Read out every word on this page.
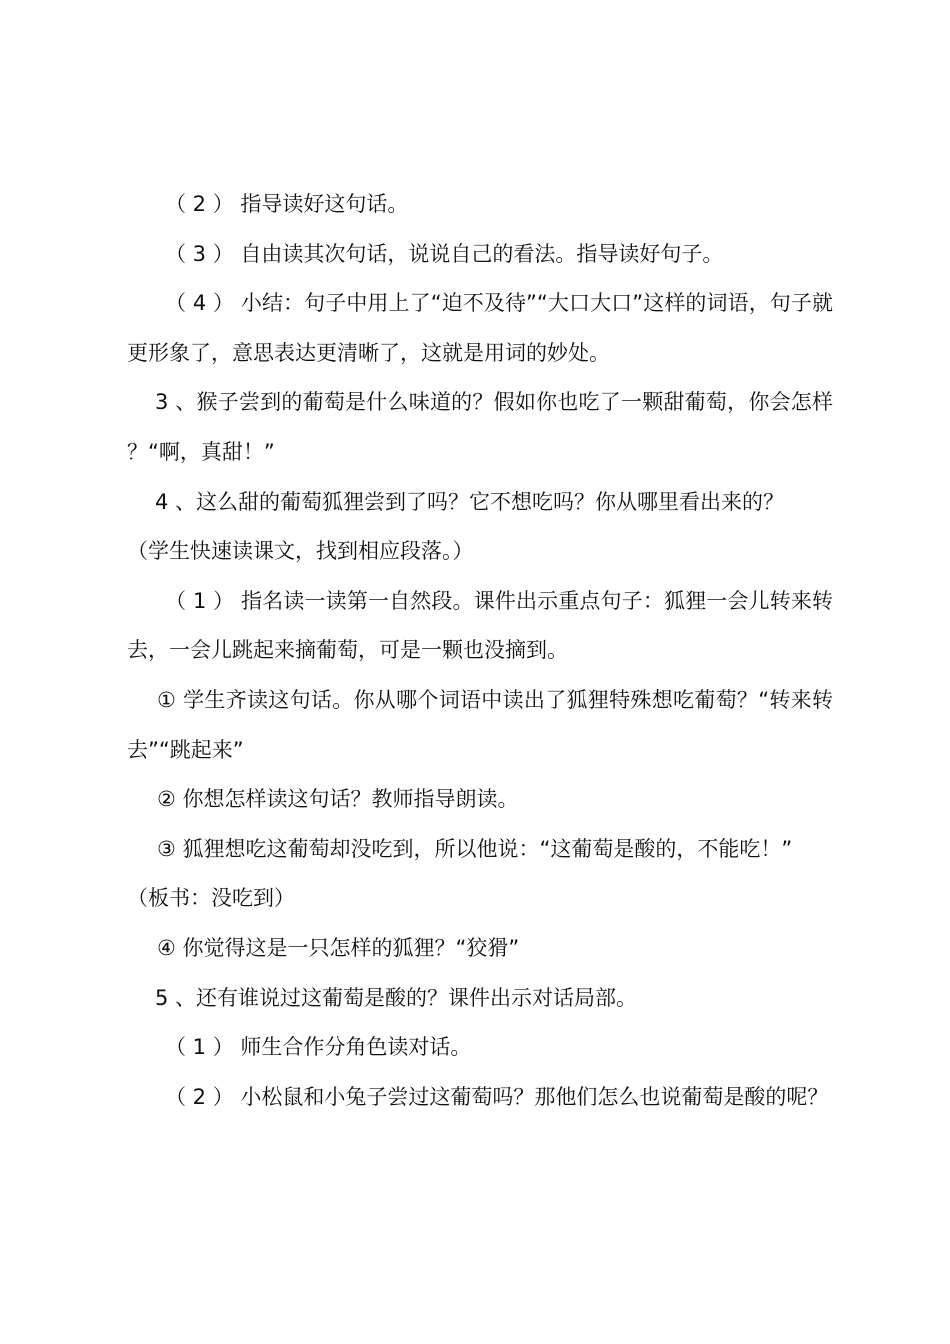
（ 2 ） 指导读好这句话。

（ 3 ） 自由读其次句话，说说自己的看法。指导读好句子。

（ 4 ） 小结：句子中用上了“迫不及待”“大口大口”这样的词语，句子就更形象了，意思表达更清晰了，这就是用词的妙处。

3 、猴子尝到的葡萄是什么味道的？假如你也吃了一颗甜葡萄，你会怎样？“啊，真甜！”

4 、这么甜的葡萄狐狸尝到了吗？它不想吃吗？你从哪里看出来的？

（学生快速读课文，找到相应段落。）

（ 1 ） 指名读一读第一自然段。课件出示重点句子：狐狸一会儿转来转去，一会儿跳起来摘葡萄，可是一颗也没摘到。

① 学生齐读这句话。你从哪个词语中读出了狐狸特殊想吃葡萄？“转来转去”“跳起来”

② 你想怎样读这句话？教师指导朗读。

③ 狐狸想吃这葡萄却没吃到，所以他说：“这葡萄是酸的，不能吃！”

（板书：没吃到）

④ 你觉得这是一只怎样的狐狸？“狡猾”

5 、还有谁说过这葡萄是酸的？课件出示对话局部。

（ 1 ） 师生合作分角色读对话。

（ 2 ） 小松鼠和小兔子尝过这葡萄吗？那他们怎么也说葡萄是酸的呢？
